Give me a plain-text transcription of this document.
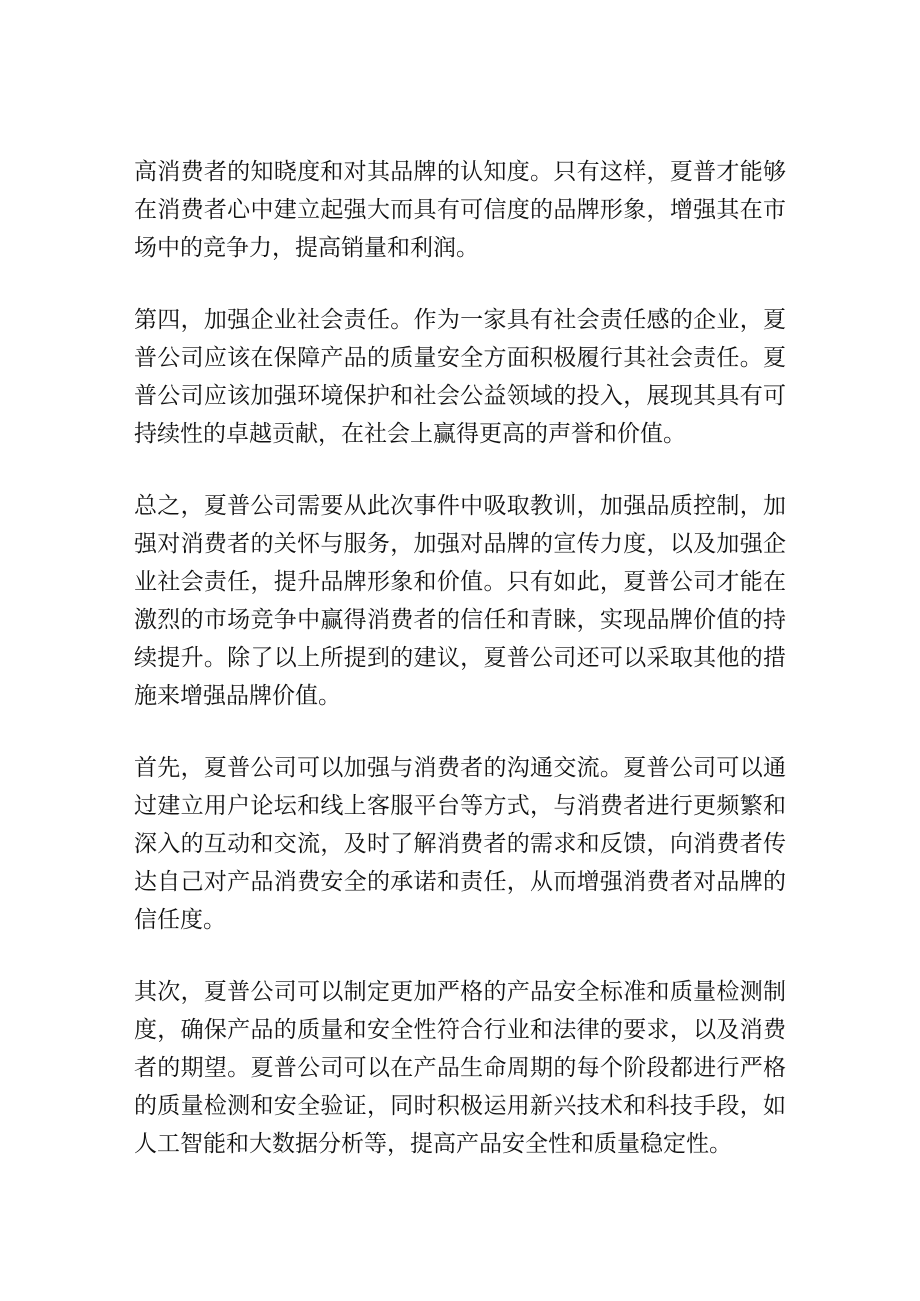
高消费者的知晓度和对其品牌的认知度。只有这样，夏普才能够
在消费者心中建立起强大而具有可信度的品牌形象，增强其在市
场中的竞争力，提高销量和利润。

第四，加强企业社会责任。作为一家具有社会责任感的企业，夏
普公司应该在保障产品的质量安全方面积极履行其社会责任。夏
普公司应该加强环境保护和社会公益领域的投入，展现其具有可
持续性的卓越贡献，在社会上赢得更高的声誉和价值。

总之，夏普公司需要从此次事件中吸取教训，加强品质控制，加
强对消费者的关怀与服务，加强对品牌的宣传力度，以及加强企
业社会责任，提升品牌形象和价值。只有如此，夏普公司才能在
激烈的市场竞争中赢得消费者的信任和青睐，实现品牌价值的持
续提升。除了以上所提到的建议，夏普公司还可以采取其他的措
施来增强品牌价值。

首先，夏普公司可以加强与消费者的沟通交流。夏普公司可以通
过建立用户论坛和线上客服平台等方式，与消费者进行更频繁和
深入的互动和交流，及时了解消费者的需求和反馈，向消费者传
达自己对产品消费安全的承诺和责任，从而增强消费者对品牌的
信任度。

其次，夏普公司可以制定更加严格的产品安全标准和质量检测制
度，确保产品的质量和安全性符合行业和法律的要求，以及消费
者的期望。夏普公司可以在产品生命周期的每个阶段都进行严格
的质量检测和安全验证，同时积极运用新兴技术和科技手段，如
人工智能和大数据分析等，提高产品安全性和质量稳定性。
